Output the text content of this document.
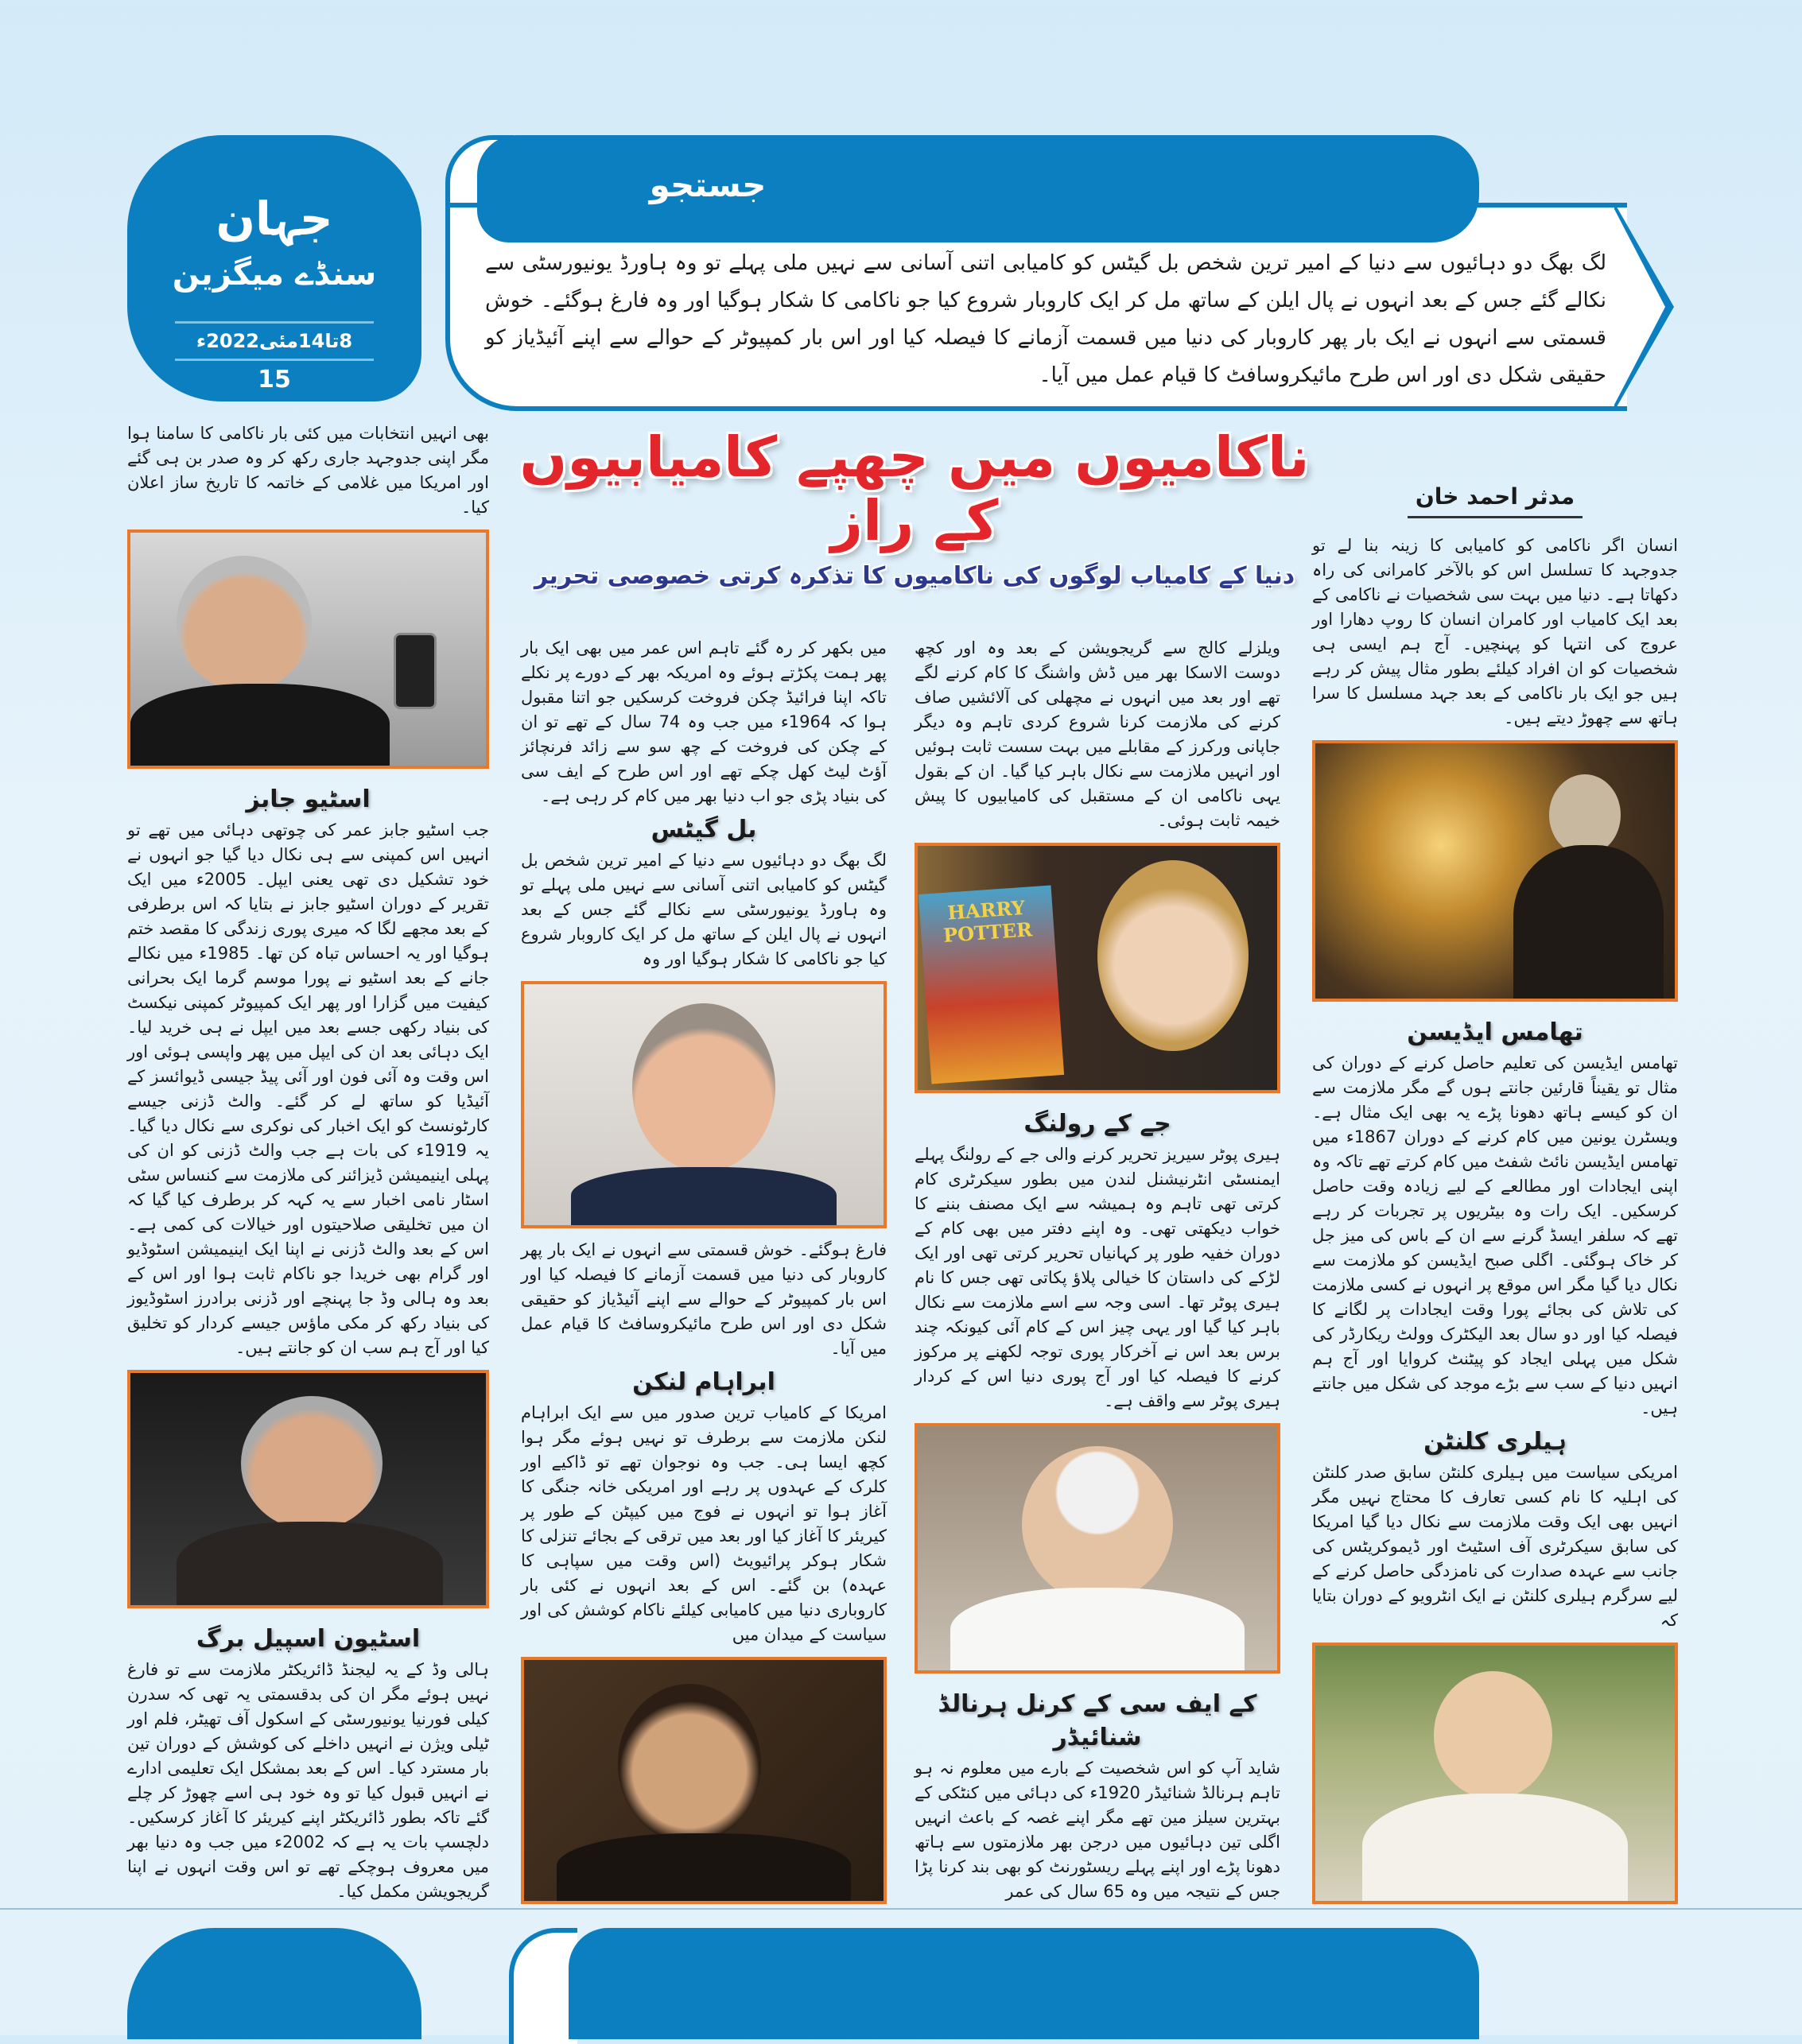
جہان
سنڈے میگزین
8تا14مئی2022ء
15
جستجو

لگ بھگ دو دہائیوں سے دنیا کے امیر ترین شخص بل گیٹس کو کامیابی اتنی آسانی سے نہیں ملی پہلے تو وہ ہاورڈ یونیورسٹی سے نکالے گئے جس کے بعد انہوں نے پال ایلن کے ساتھ مل کر ایک کاروبار شروع کیا جو ناکامی کا شکار ہوگیا اور وہ فارغ ہوگئے۔ خوش قسمتی سے انہوں نے ایک بار پھر کاروبار کی دنیا میں قسمت آزمانے کا فیصلہ کیا اور اس بار کمپیوٹر کے حوالے سے اپنے آئیڈیاز کو حقیقی شکل دی اور اس طرح مائیکروسافٹ کا قیام عمل میں آیا۔

ناکامیوں میں چھپے کامیابیوں کے راز
دنیا کے کامیاب لوگوں کی ناکامیوں کا تذکرہ کرتی خصوصی تحریر
مدثر احمد خان

انسان اگر ناکامی کو کامیابی کا زینہ بنا لے تو جدوجہد کا تسلسل اس کو بالآخر کامرانی کی راہ دکھاتا ہے۔ دنیا میں بہت سی شخصیات نے ناکامی کے بعد ایک کامیاب اور کامران انسان کا روپ دھارا اور عروج کی انتہا کو پہنچیں۔ آج ہم ایسی ہی شخصیات کو ان افراد کیلئے بطور مثال پیش کر رہے ہیں جو ایک بار ناکامی کے بعد جہد مسلسل کا سرا ہاتھ سے چھوڑ دیتے ہیں۔

تھامس ایڈیسن

تھامس ایڈیسن کی تعلیم حاصل کرنے کے دوران کی مثال تو یقیناً قارئین جانتے ہوں گے مگر ملازمت سے ان کو کیسے ہاتھ دھونا پڑے یہ بھی ایک مثال ہے۔ ویسٹرن یونین میں کام کرنے کے دوران 1867ء میں تھامس ایڈیسن نائٹ شفٹ میں کام کرتے تھے تاکہ وہ اپنی ایجادات اور مطالعے کے لیے زیادہ وقت حاصل کرسکیں۔ ایک رات وہ بیٹریوں پر تجربات کر رہے تھے کہ سلفر ایسڈ گرنے سے ان کے باس کی میز جل کر خاک ہوگئی۔ اگلی صبح ایڈیسن کو ملازمت سے نکال دیا گیا مگر اس موقع پر انہوں نے کسی ملازمت کی تلاش کی بجائے پورا وقت ایجادات پر لگانے کا فیصلہ کیا اور دو سال بعد الیکٹرک وولٹ ریکارڈر کی شکل میں پہلی ایجاد کو پیٹنٹ کروایا اور آج ہم انہیں دنیا کے سب سے بڑے موجد کی شکل میں جانتے ہیں۔

ہیلری کلنٹن

امریکی سیاست میں ہیلری کلنٹن سابق صدر کلنٹن کی اہلیہ کا نام کسی تعارف کا محتاج نہیں مگر انہیں بھی ایک وقت ملازمت سے نکال دیا گیا امریکا کی سابق سیکرٹری آف اسٹیٹ اور ڈیموکریٹس کی جانب سے عہدہ صدارت کی نامزدگی حاصل کرنے کے لیے سرگرم ہیلری کلنٹن نے ایک انٹرویو کے دوران بتایا کہ

ویلزلے کالج سے گریجویشن کے بعد وہ اور کچھ دوست الاسکا بھر میں ڈش واشنگ کا کام کرنے لگے تھے اور بعد میں انہوں نے مچھلی کی آلائشیں صاف کرنے کی ملازمت کرنا شروع کردی تاہم وہ دیگر جاپانی ورکرز کے مقابلے میں بہت سست ثابت ہوئیں اور انہیں ملازمت سے نکال باہر کیا گیا۔ ان کے بقول یہی ناکامی ان کے مستقبل کی کامیابیوں کا پیش خیمہ ثابت ہوئی۔

HARRY POTTER
جے کے رولنگ

ہیری پوٹر سیریز تحریر کرنے والی جے کے رولنگ پہلے ایمنسٹی انٹرنیشنل لندن میں بطور سیکرٹری کام کرتی تھی تاہم وہ ہمیشہ سے ایک مصنف بننے کا خواب دیکھتی تھی۔ وہ اپنے دفتر میں بھی کام کے دوران خفیہ طور پر کہانیاں تحریر کرتی تھی اور ایک لڑکے کی داستان کا خیالی پلاؤ پکاتی تھی جس کا نام ہیری پوٹر تھا۔ اسی وجہ سے اسے ملازمت سے نکال باہر کیا گیا اور یہی چیز اس کے کام آئی کیونکہ چند برس بعد اس نے آخرکار پوری توجہ لکھنے پر مرکوز کرنے کا فیصلہ کیا اور آج پوری دنیا اس کے کردار ہیری پوٹر سے واقف ہے۔

کے ایف سی کے کرنل ہرنالڈ شنائیڈر

شاید آپ کو اس شخصیت کے بارے میں معلوم نہ ہو تاہم ہرنالڈ شنائیڈر 1920ء کی دہائی میں کنٹکی کے بہترین سیلز مین تھے مگر اپنے غصہ کے باعث انہیں اگلی تین دہائیوں میں درجن بھر ملازمتوں سے ہاتھ دھونا پڑے اور اپنے پہلے ریسٹورنٹ کو بھی بند کرنا پڑا جس کے نتیجہ میں وہ 65 سال کی عمر

میں بکھر کر رہ گئے تاہم اس عمر میں بھی ایک بار پھر ہمت پکڑتے ہوئے وہ امریکہ بھر کے دورے پر نکلے تاکہ اپنا فرائیڈ چکن فروخت کرسکیں جو اتنا مقبول ہوا کہ 1964ء میں جب وہ 74 سال کے تھے تو ان کے چکن کی فروخت کے چھ سو سے زائد فرنچائز آؤٹ لیٹ کھل چکے تھے اور اس طرح کے ایف سی کی بنیاد پڑی جو اب دنیا بھر میں کام کر رہی ہے۔

بل گیٹس

لگ بھگ دو دہائیوں سے دنیا کے امیر ترین شخص بل گیٹس کو کامیابی اتنی آسانی سے نہیں ملی پہلے تو وہ ہاورڈ یونیورسٹی سے نکالے گئے جس کے بعد انہوں نے پال ایلن کے ساتھ مل کر ایک کاروبار شروع کیا جو ناکامی کا شکار ہوگیا اور وہ

فارغ ہوگئے۔ خوش قسمتی سے انہوں نے ایک بار پھر کاروبار کی دنیا میں قسمت آزمانے کا فیصلہ کیا اور اس بار کمپیوٹر کے حوالے سے اپنے آئیڈیاز کو حقیقی شکل دی اور اس طرح مائیکروسافٹ کا قیام عمل میں آیا۔

ابراہام لنکن

امریکا کے کامیاب ترین صدور میں سے ایک ابراہام لنکن ملازمت سے برطرف تو نہیں ہوئے مگر ہوا کچھ ایسا ہی۔ جب وہ نوجوان تھے تو ڈاکیے اور کلرک کے عہدوں پر رہے اور امریکی خانہ جنگی کا آغاز ہوا تو انہوں نے فوج میں کیپٹن کے طور پر کیریئر کا آغاز کیا اور بعد میں ترقی کے بجائے تنزلی کا شکار ہوکر پرائیویٹ (اس وقت میں سپاہی کا عہدہ) بن گئے۔ اس کے بعد انہوں نے کئی بار کاروباری دنیا میں کامیابی کیلئے ناکام کوشش کی اور سیاست کے میدان میں

بھی انہیں انتخابات میں کئی بار ناکامی کا سامنا ہوا مگر اپنی جدوجہد جاری رکھ کر وہ صدر بن ہی گئے اور امریکا میں غلامی کے خاتمہ کا تاریخ ساز اعلان کیا۔

اسٹیو جابز

جب اسٹیو جابز عمر کی چوتھی دہائی میں تھے تو انہیں اس کمپنی سے ہی نکال دیا گیا جو انہوں نے خود تشکیل دی تھی یعنی ایپل۔ 2005ء میں ایک تقریر کے دوران اسٹیو جابز نے بتایا کہ اس برطرفی کے بعد مجھے لگا کہ میری پوری زندگی کا مقصد ختم ہوگیا اور یہ احساس تباہ کن تھا۔ 1985ء میں نکالے جانے کے بعد اسٹیو نے پورا موسم گرما ایک بحرانی کیفیت میں گزارا اور پھر ایک کمپیوٹر کمپنی نیکسٹ کی بنیاد رکھی جسے بعد میں ایپل نے ہی خرید لیا۔ ایک دہائی بعد ان کی ایپل میں پھر واپسی ہوئی اور اس وقت وہ آئی فون اور آئی پیڈ جیسی ڈیوائسز کے آئیڈیا کو ساتھ لے کر گئے۔ والٹ ڈزنی جیسے کارٹونسٹ کو ایک اخبار کی نوکری سے نکال دیا گیا۔ یہ 1919ء کی بات ہے جب والٹ ڈزنی کو ان کی پہلی اینیمیشن ڈیزائنر کی ملازمت سے کنساس سٹی اسٹار نامی اخبار سے یہ کہہ کر برطرف کیا گیا کہ ان میں تخلیقی صلاحیتوں اور خیالات کی کمی ہے۔ اس کے بعد والٹ ڈزنی نے اپنا ایک اینیمیشن اسٹوڈیو اور گرام بھی خریدا جو ناکام ثابت ہوا اور اس کے بعد وہ ہالی وڈ جا پہنچے اور ڈزنی برادرز اسٹوڈیوز کی بنیاد رکھ کر مکی ماؤس جیسے کردار کو تخلیق کیا اور آج ہم سب ان کو جانتے ہیں۔

اسٹیون اسپیل برگ

ہالی وڈ کے یہ لیجنڈ ڈائریکٹر ملازمت سے تو فارغ نہیں ہوئے مگر ان کی بدقسمتی یہ تھی کہ سدرن کیلی فورنیا یونیورسٹی کے اسکول آف تھیٹر، فلم اور ٹیلی ویژن نے انہیں داخلے کی کوشش کے دوران تین بار مسترد کیا۔ اس کے بعد بمشکل ایک تعلیمی ادارے نے انہیں قبول کیا تو وہ خود ہی اسے چھوڑ کر چلے گئے تاکہ بطور ڈائریکٹر اپنے کیریئر کا آغاز کرسکیں۔ دلچسپ بات یہ ہے کہ 2002ء میں جب وہ دنیا بھر میں معروف ہوچکے تھے تو اس وقت انہوں نے اپنا گریجویشن مکمل کیا۔
